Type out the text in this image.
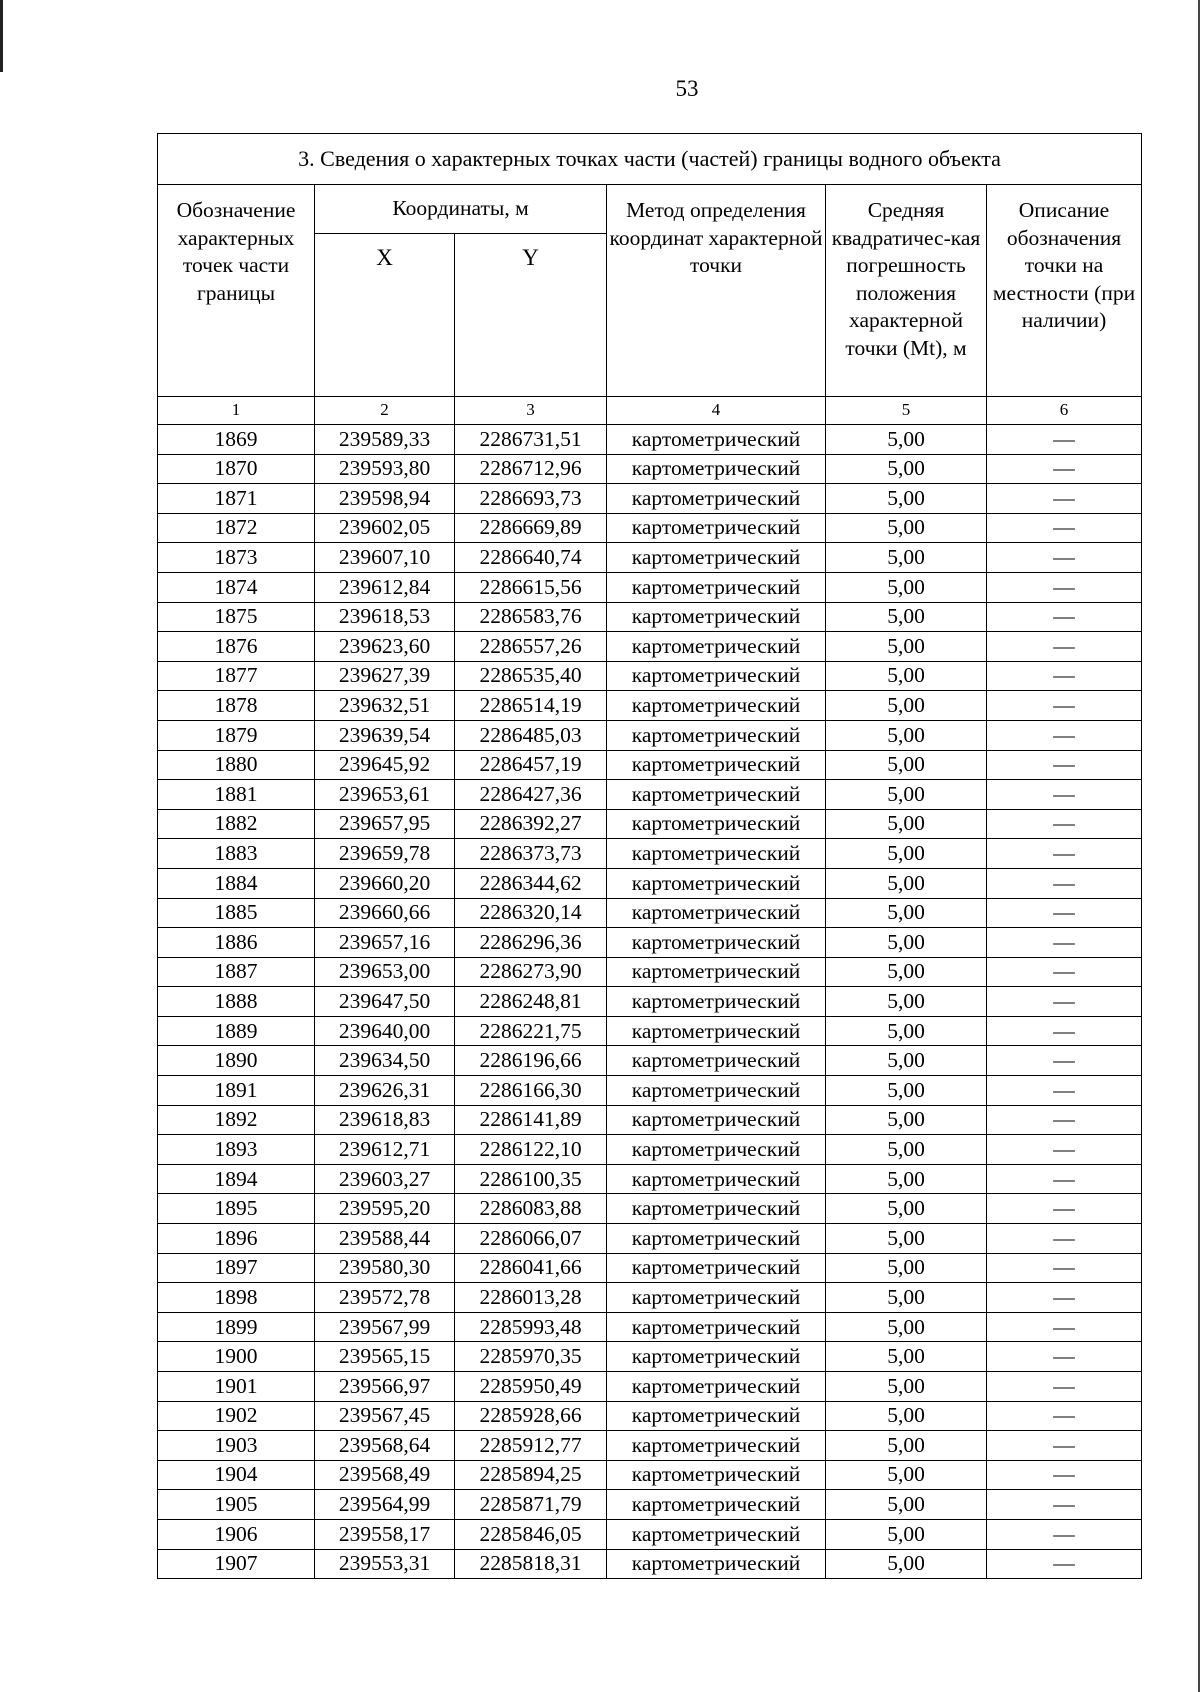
53
3. Сведения о характерных точках части (частей) границы водного объекта					
Обозначение характерных точек части границы	Координаты, м		Метод определения координат характерной точки	Средняя квадратичес-кая погрешность положения характерной точки (Mt), м	Описание обозначения точки на местности (при наличии)
	X	Y			
1	2	3	4	5	6
1869	239589,33	2286731,51	картометрический	5,00	—
1870	239593,80	2286712,96	картометрический	5,00	—
1871	239598,94	2286693,73	картометрический	5,00	—
1872	239602,05	2286669,89	картометрический	5,00	—
1873	239607,10	2286640,74	картометрический	5,00	—
1874	239612,84	2286615,56	картометрический	5,00	—
1875	239618,53	2286583,76	картометрический	5,00	—
1876	239623,60	2286557,26	картометрический	5,00	—
1877	239627,39	2286535,40	картометрический	5,00	—
1878	239632,51	2286514,19	картометрический	5,00	—
1879	239639,54	2286485,03	картометрический	5,00	—
1880	239645,92	2286457,19	картометрический	5,00	—
1881	239653,61	2286427,36	картометрический	5,00	—
1882	239657,95	2286392,27	картометрический	5,00	—
1883	239659,78	2286373,73	картометрический	5,00	—
1884	239660,20	2286344,62	картометрический	5,00	—
1885	239660,66	2286320,14	картометрический	5,00	—
1886	239657,16	2286296,36	картометрический	5,00	—
1887	239653,00	2286273,90	картометрический	5,00	—
1888	239647,50	2286248,81	картометрический	5,00	—
1889	239640,00	2286221,75	картометрический	5,00	—
1890	239634,50	2286196,66	картометрический	5,00	—
1891	239626,31	2286166,30	картометрический	5,00	—
1892	239618,83	2286141,89	картометрический	5,00	—
1893	239612,71	2286122,10	картометрический	5,00	—
1894	239603,27	2286100,35	картометрический	5,00	—
1895	239595,20	2286083,88	картометрический	5,00	—
1896	239588,44	2286066,07	картометрический	5,00	—
1897	239580,30	2286041,66	картометрический	5,00	—
1898	239572,78	2286013,28	картометрический	5,00	—
1899	239567,99	2285993,48	картометрический	5,00	—
1900	239565,15	2285970,35	картометрический	5,00	—
1901	239566,97	2285950,49	картометрический	5,00	—
1902	239567,45	2285928,66	картометрический	5,00	—
1903	239568,64	2285912,77	картометрический	5,00	—
1904	239568,49	2285894,25	картометрический	5,00	—
1905	239564,99	2285871,79	картометрический	5,00	—
1906	239558,17	2285846,05	картометрический	5,00	—
1907	239553,31	2285818,31	картометрический	5,00	—
